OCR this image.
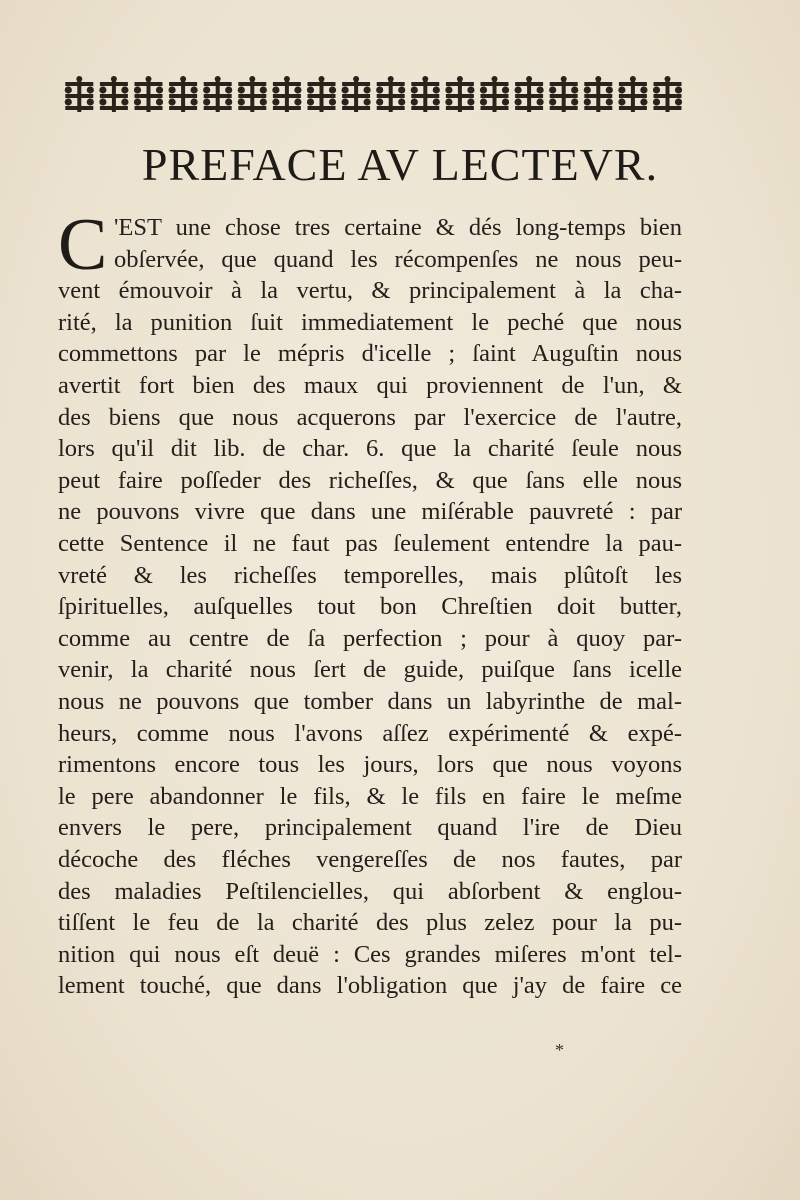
PREFACE AV LECTEVR.
C 'EST une chose tres certaine & dés long-temps bien
obſervée, que quand les récompenſes ne nous peu-
vent émouvoir à la vertu, & principalement à la cha-
rité, la punition ſuit immediatement le peché que nous
commettons par le mépris d'icelle ; ſaint Auguſtin nous
avertit fort bien des maux qui proviennent de l'un, &
des biens que nous acquerons par l'exercice de l'autre,
lors qu'il dit lib. de char. 6. que la charité ſeule nous
peut faire poſſeder des richeſſes, & que ſans elle nous
ne pouvons vivre que dans une miſérable pauvreté : par
cette Sentence il ne faut pas ſeulement entendre la pau-
vreté & les richeſſes temporelles, mais plûtoſt les
ſpirituelles, auſquelles tout bon Chreſtien doit butter,
comme au centre de ſa perfection ; pour à quoy par-
venir, la charité nous ſert de guide, puiſque ſans icelle
nous ne pouvons que tomber dans un labyrinthe de mal-
heurs, comme nous l'avons aſſez expérimenté & expé-
rimentons encore tous les jours, lors que nous voyons
le pere abandonner le fils, & le fils en faire le meſme
envers le pere, principalement quand l'ire de Dieu
décoche des fléches vengereſſes de nos fautes, par
des maladies Peſtilencielles, qui abſorbent & englou-
tiſſent le feu de la charité des plus zelez pour la pu-
nition qui nous eſt deuë : Ces grandes miſeres m'ont tel-
lement touché, que dans l'obligation que j'ay de faire ce
*
